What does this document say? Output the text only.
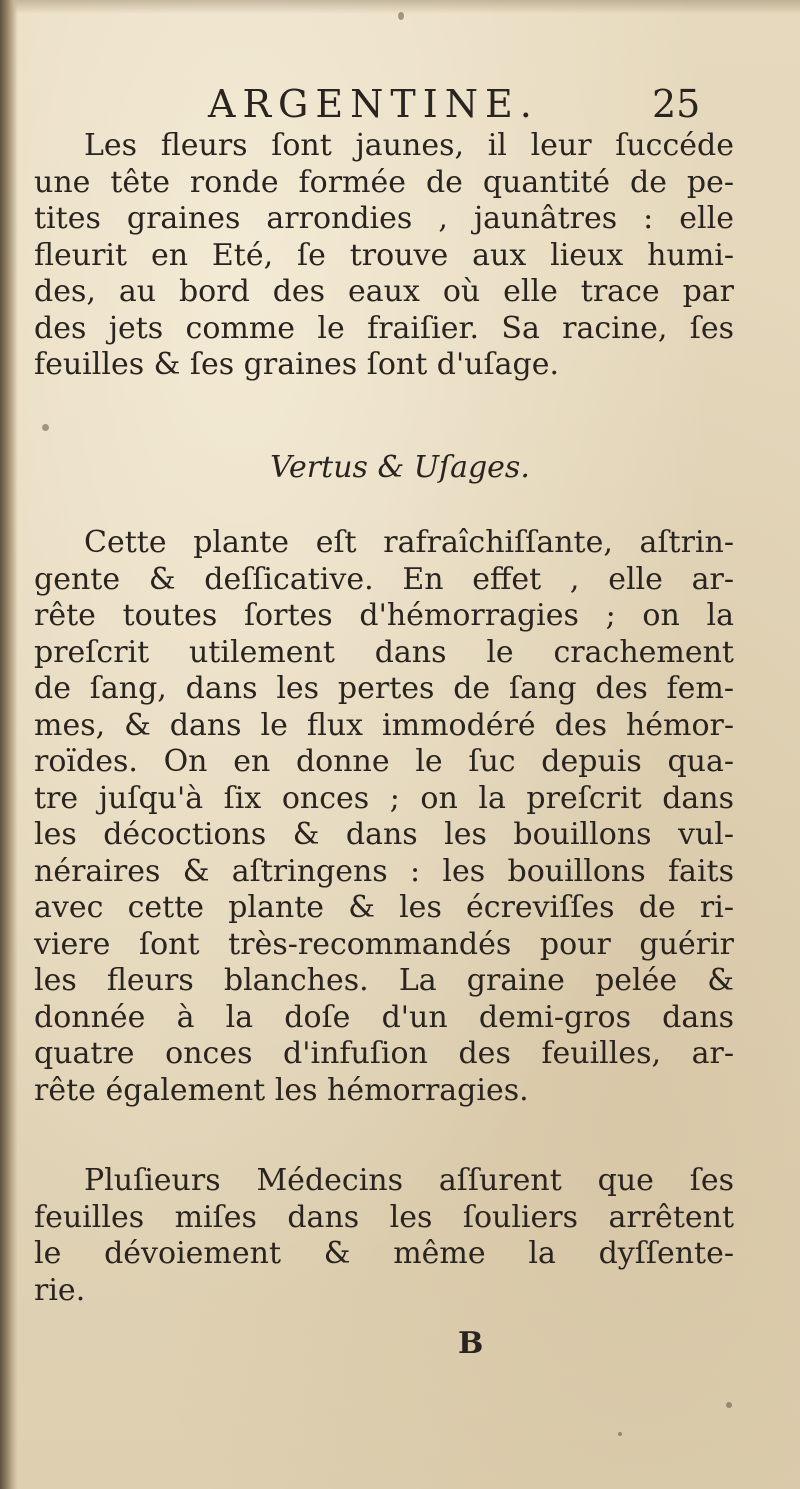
ARGENTINE.	25
Les fleurs ſont jaunes, il leur ſuccéde
une tête ronde formée de quantité de pe-
tites graines arrondies , jaunâtres : elle
fleurit en Eté, ſe trouve aux lieux humi-
des, au bord des eaux où elle trace par
des jets comme le fraiſier. Sa racine, ſes
feuilles & ſes graines ſont d'uſage.
Vertus & Uſages.
Cette plante eſt rafraîchiſſante, aſtrin-
gente & deſſicative. En effet , elle ar-
rête toutes ſortes d'hémorragies ; on la
preſcrit utilement dans le crachement
de ſang, dans les pertes de ſang des fem-
mes, & dans le flux immodéré des hémor-
roïdes. On en donne le ſuc depuis qua-
tre juſqu'à ſix onces ; on la preſcrit dans
les décoctions & dans les bouillons vul-
néraires & aſtringens : les bouillons faits
avec cette plante & les écreviſſes de ri-
viere ſont très-recommandés pour guérir
les fleurs blanches. La graine pelée &
donnée à la doſe d'un demi-gros dans
quatre onces d'infuſion des feuilles, ar-
rête également les hémorragies.
Pluſieurs Médecins aſſurent que ſes
feuilles miſes dans les ſouliers arrêtent
le dévoiement & même la dyſſente-
rie.
B
